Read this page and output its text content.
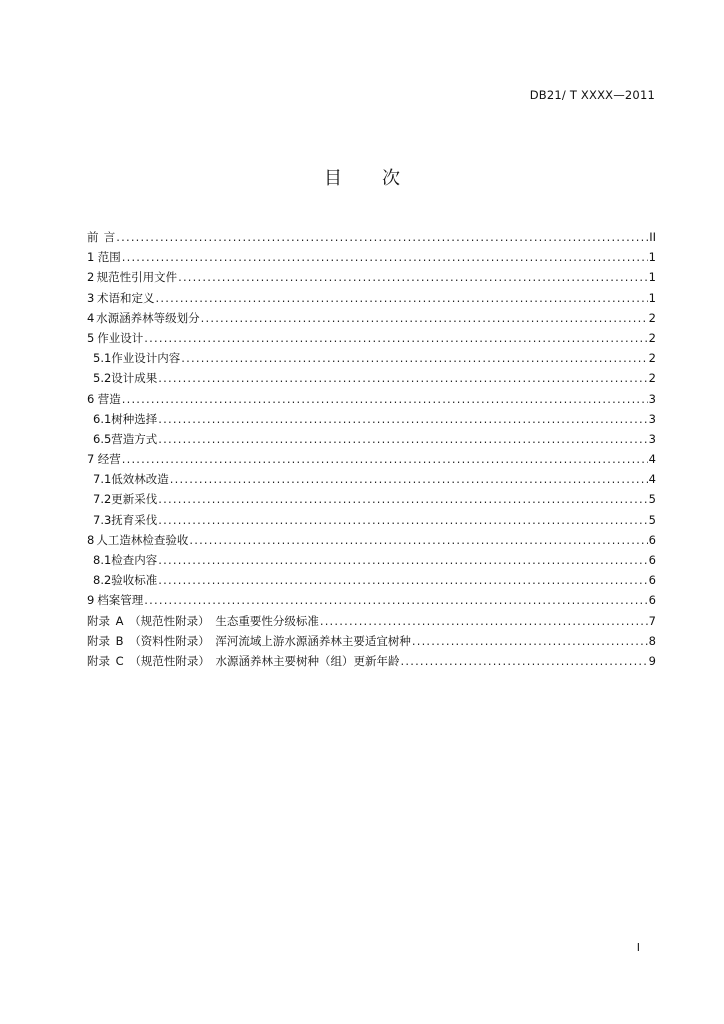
DB21/ T XXXX—2011
目 次
前 言 .....	II
1 范围 .....	1
2 规范性引用文件 .....	1
3 术语和定义 .....	1
4 水源涵养林等级划分 .....	2
5 作业设计 .....	2
5.1 作业设计内容 .....	2
5.2 设计成果 .....	2
6 营造 .....	3
6.1 树种选择 .....	3
6.5 营造方式 .....	3
7 经营 .....	4
7.1 低效林改造 .....	4
7.2 更新采伐 .....	5
7.3 抚育采伐 .....	5
8 人工造林检查验收 .....	6
8.1 检查内容 .....	6
8.2 验收标准 .....	6
9 档案管理 .....	6
附 录 A （规范性附录） 生态重要性分级标准 .....	7
附 录 B （资料性附录） 浑河流域上游水源涵养林主要适宜树种 .....	8
附 录 C （规范性附录） 水源涵养林主要树种（组）更新年龄 .....	9
I
